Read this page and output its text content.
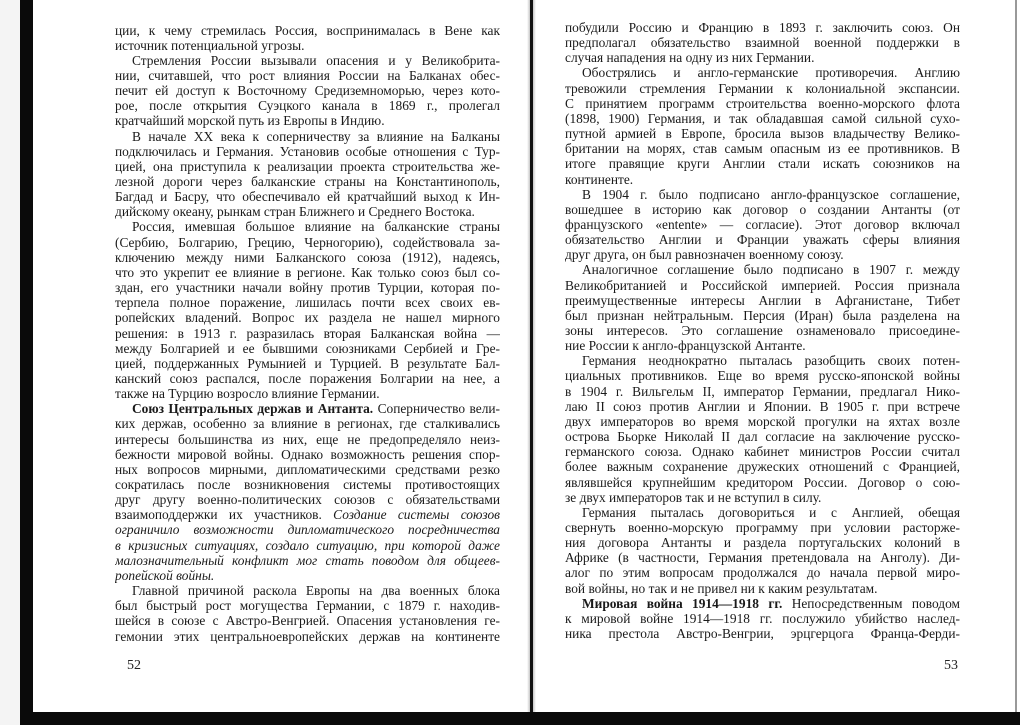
52
ции, к чему стремилась Россия, воспринималась в Вене как
источник потенциальной угрозы.
Стремления России вызывали опасения и у Великобрита-
нии, считавшей, что рост влияния России на Балканах обес-
печит ей доступ к Восточному Средиземноморью, через кото-
рое, после открытия Суэцкого канала в 1869 г., пролегал
кратчайший морской путь из Европы в Индию.
В начале XX века к соперничеству за влияние на Балканы
подключилась и Германия. Установив особые отношения с Тур-
цией, она приступила к реализации проекта строительства же-
лезной дороги через балканские страны на Константинополь,
Багдад и Басру, что обеспечивало ей кратчайший выход к Ин-
дийскому океану, рынкам стран Ближнего и Среднего Востока.
Россия, имевшая большое влияние на балканские страны
(Сербию, Болгарию, Грецию, Черногорию), содействовала за-
ключению между ними Балканского союза (1912), надеясь,
что это укрепит ее влияние в регионе. Как только союз был со-
здан, его участники начали войну против Турции, которая по-
терпела полное поражение, лишилась почти всех своих ев-
ропейских владений. Вопрос их раздела не нашел мирного
решения: в 1913 г. разразилась вторая Балканская война —
между Болгарией и ее бывшими союзниками Сербией и Гре-
цией, поддержанных Румынией и Турцией. В результате Бал-
канский союз распался, после поражения Болгарии на нее, а
также на Турцию возросло влияние Германии.
Союз Центральных держав и Антанта. Соперничество вели-
ких держав, особенно за влияние в регионах, где сталкивались
интересы большинства из них, еще не предопределяло неиз-
бежности мировой войны. Однако возможность решения спор-
ных вопросов мирными, дипломатическими средствами резко
сократилась после возникновения системы противостоящих
друг другу военно-политических союзов с обязательствами
взаимоподдержки их участников. Создание системы союзов
ограничило возможности дипломатического посредничества
в кризисных ситуациях, создало ситуацию, при которой даже
малозначительный конфликт мог стать поводом для общеев-
ропейской войны.
Главной причиной раскола Европы на два военных блока
был быстрый рост могущества Германии, с 1879 г. находив-
шейся в союзе с Австро-Венгрией. Опасения установления ге-
гемонии этих центральноевропейских держав на континенте
53
побудили Россию и Францию в 1893 г. заключить союз. Он
предполагал обязательство взаимной военной поддержки в
случая нападения на одну из них Германии.
Обострялись и англо-германские противоречия. Англию
тревожили стремления Германии к колониальной экспансии.
С принятием программ строительства военно-морского флота
(1898, 1900) Германия, и так обладавшая самой сильной сухо-
путной армией в Европе, бросила вызов владычеству Велико-
британии на морях, став самым опасным из ее противников. В
итоге правящие круги Англии стали искать союзников на
континенте.
В 1904 г. было подписано англо-французское соглашение,
вошедшее в историю как договор о создании Антанты (от
французского «entente» — согласие). Этот договор включал
обязательство Англии и Франции уважать сферы влияния
друг друга, он был равнозначен военному союзу.
Аналогичное соглашение было подписано в 1907 г. между
Великобританией и Российской империей. Россия признала
преимущественные интересы Англии в Афганистане, Тибет
был признан нейтральным. Персия (Иран) была разделена на
зоны интересов. Это соглашение ознаменовало присоедине-
ние России к англо-французской Антанте.
Германия неоднократно пыталась разобщить своих потен-
циальных противников. Еще во время русско-японской войны
в 1904 г. Вильгельм II, император Германии, предлагал Нико-
лаю II союз против Англии и Японии. В 1905 г. при встрече
двух императоров во время морской прогулки на яхтах возле
острова Бьорке Николай II дал согласие на заключение русско-
германского союза. Однако кабинет министров России считал
более важным сохранение дружеских отношений с Францией,
являвшейся крупнейшим кредитором России. Договор о сою-
зе двух императоров так и не вступил в силу.
Германия пыталась договориться и с Англией, обещая
свернуть военно-морскую программу при условии расторже-
ния договора Антанты и раздела португальских колоний в
Африке (в частности, Германия претендовала на Анголу). Ди-
алог по этим вопросам продолжался до начала первой миро-
вой войны, но так и не привел ни к каким результатам.
Мировая война 1914—1918 гг. Непосредственным поводом
к мировой войне 1914—1918 гг. послужило убийство наслед-
ника престола Австро-Венгрии, эрцгерцога Франца-Ферди-
